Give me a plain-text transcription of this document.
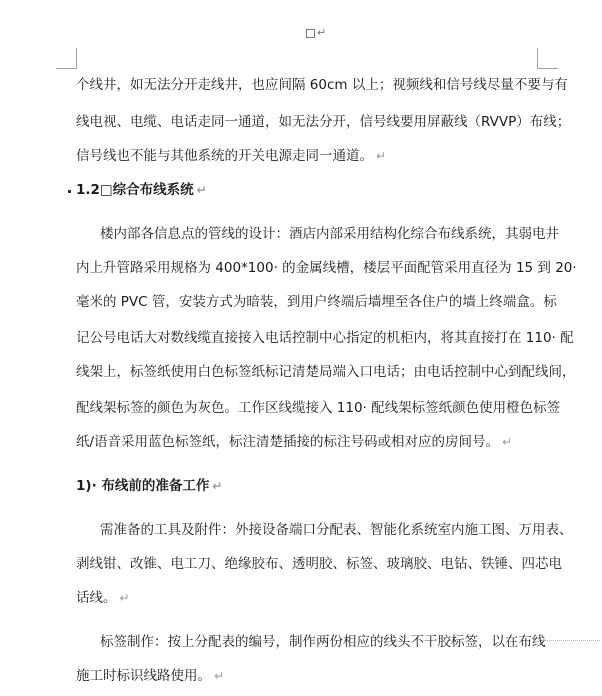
↵
个线井，如无法分开走线井，也应间隔 60cm 以上；视频线和信号线尽量不要与有
线电视、电缆、电话走同一通道，如无法分开，信号线要用屏蔽线（RVVP）布线；
信号线也不能与其他系统的开关电源走同一通道。 ↵
1.2□综合布线系统 ↵
楼内部各信息点的管线的设计：酒店内部采用结构化综合布线系统，其弱电井
内上升管路采用规格为 400*100· 的金属线槽，楼层平面配管采用直径为 15 到 20·
毫米的 PVC 管，安装方式为暗装，到用户终端后墙埋至各住户的墙上终端盒。标
记公号电话大对数线缆直接接入电话控制中心指定的机柜内，将其直接打在 110· 配
线架上，标签纸使用白色标签纸标记清楚局端入口电话；由电话控制中心到配线间，
配线架标签的颜色为灰色。工作区线缆接入 110· 配线架标签纸颜色使用橙色标签
纸/语音采用蓝色标签纸，标注清楚插接的标注号码或相对应的房间号。 ↵
1)· 布线前的准备工作 ↵
需准备的工具及附件：外接设备端口分配表、智能化系统室内施工图、万用表、
剥线钳、改锥、电工刀、绝缘胶布、透明胶、标签、玻璃胶、电钻、铁锤、四芯电
话线。 ↵
标签制作：按上分配表的编号，制作两份相应的线头不干胶标签，以在布线
施工时标识线路使用。 ↵
